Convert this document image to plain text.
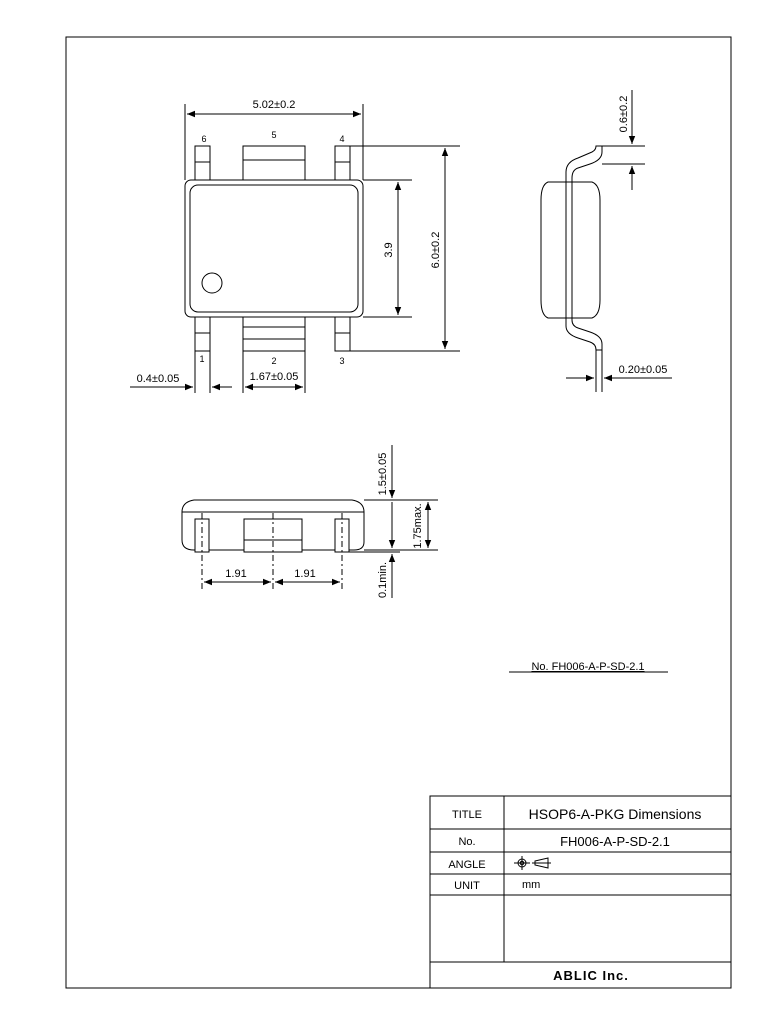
5.02±0.2
3.9	6.0±0.2
0.4±0.05	1.67±0.05
6	5	4
1	2	3
0.6±0.2
0.20±0.05
1.5±0.05
1.75max.
0.1min.
1.91	1.91
No. FH006-A-P-SD-2.1
TITLE	HSOP6-A-PKG Dimensions
No.	FH006-A-P-SD-2.1
ANGLE
UNIT	mm
ABLIC Inc.
